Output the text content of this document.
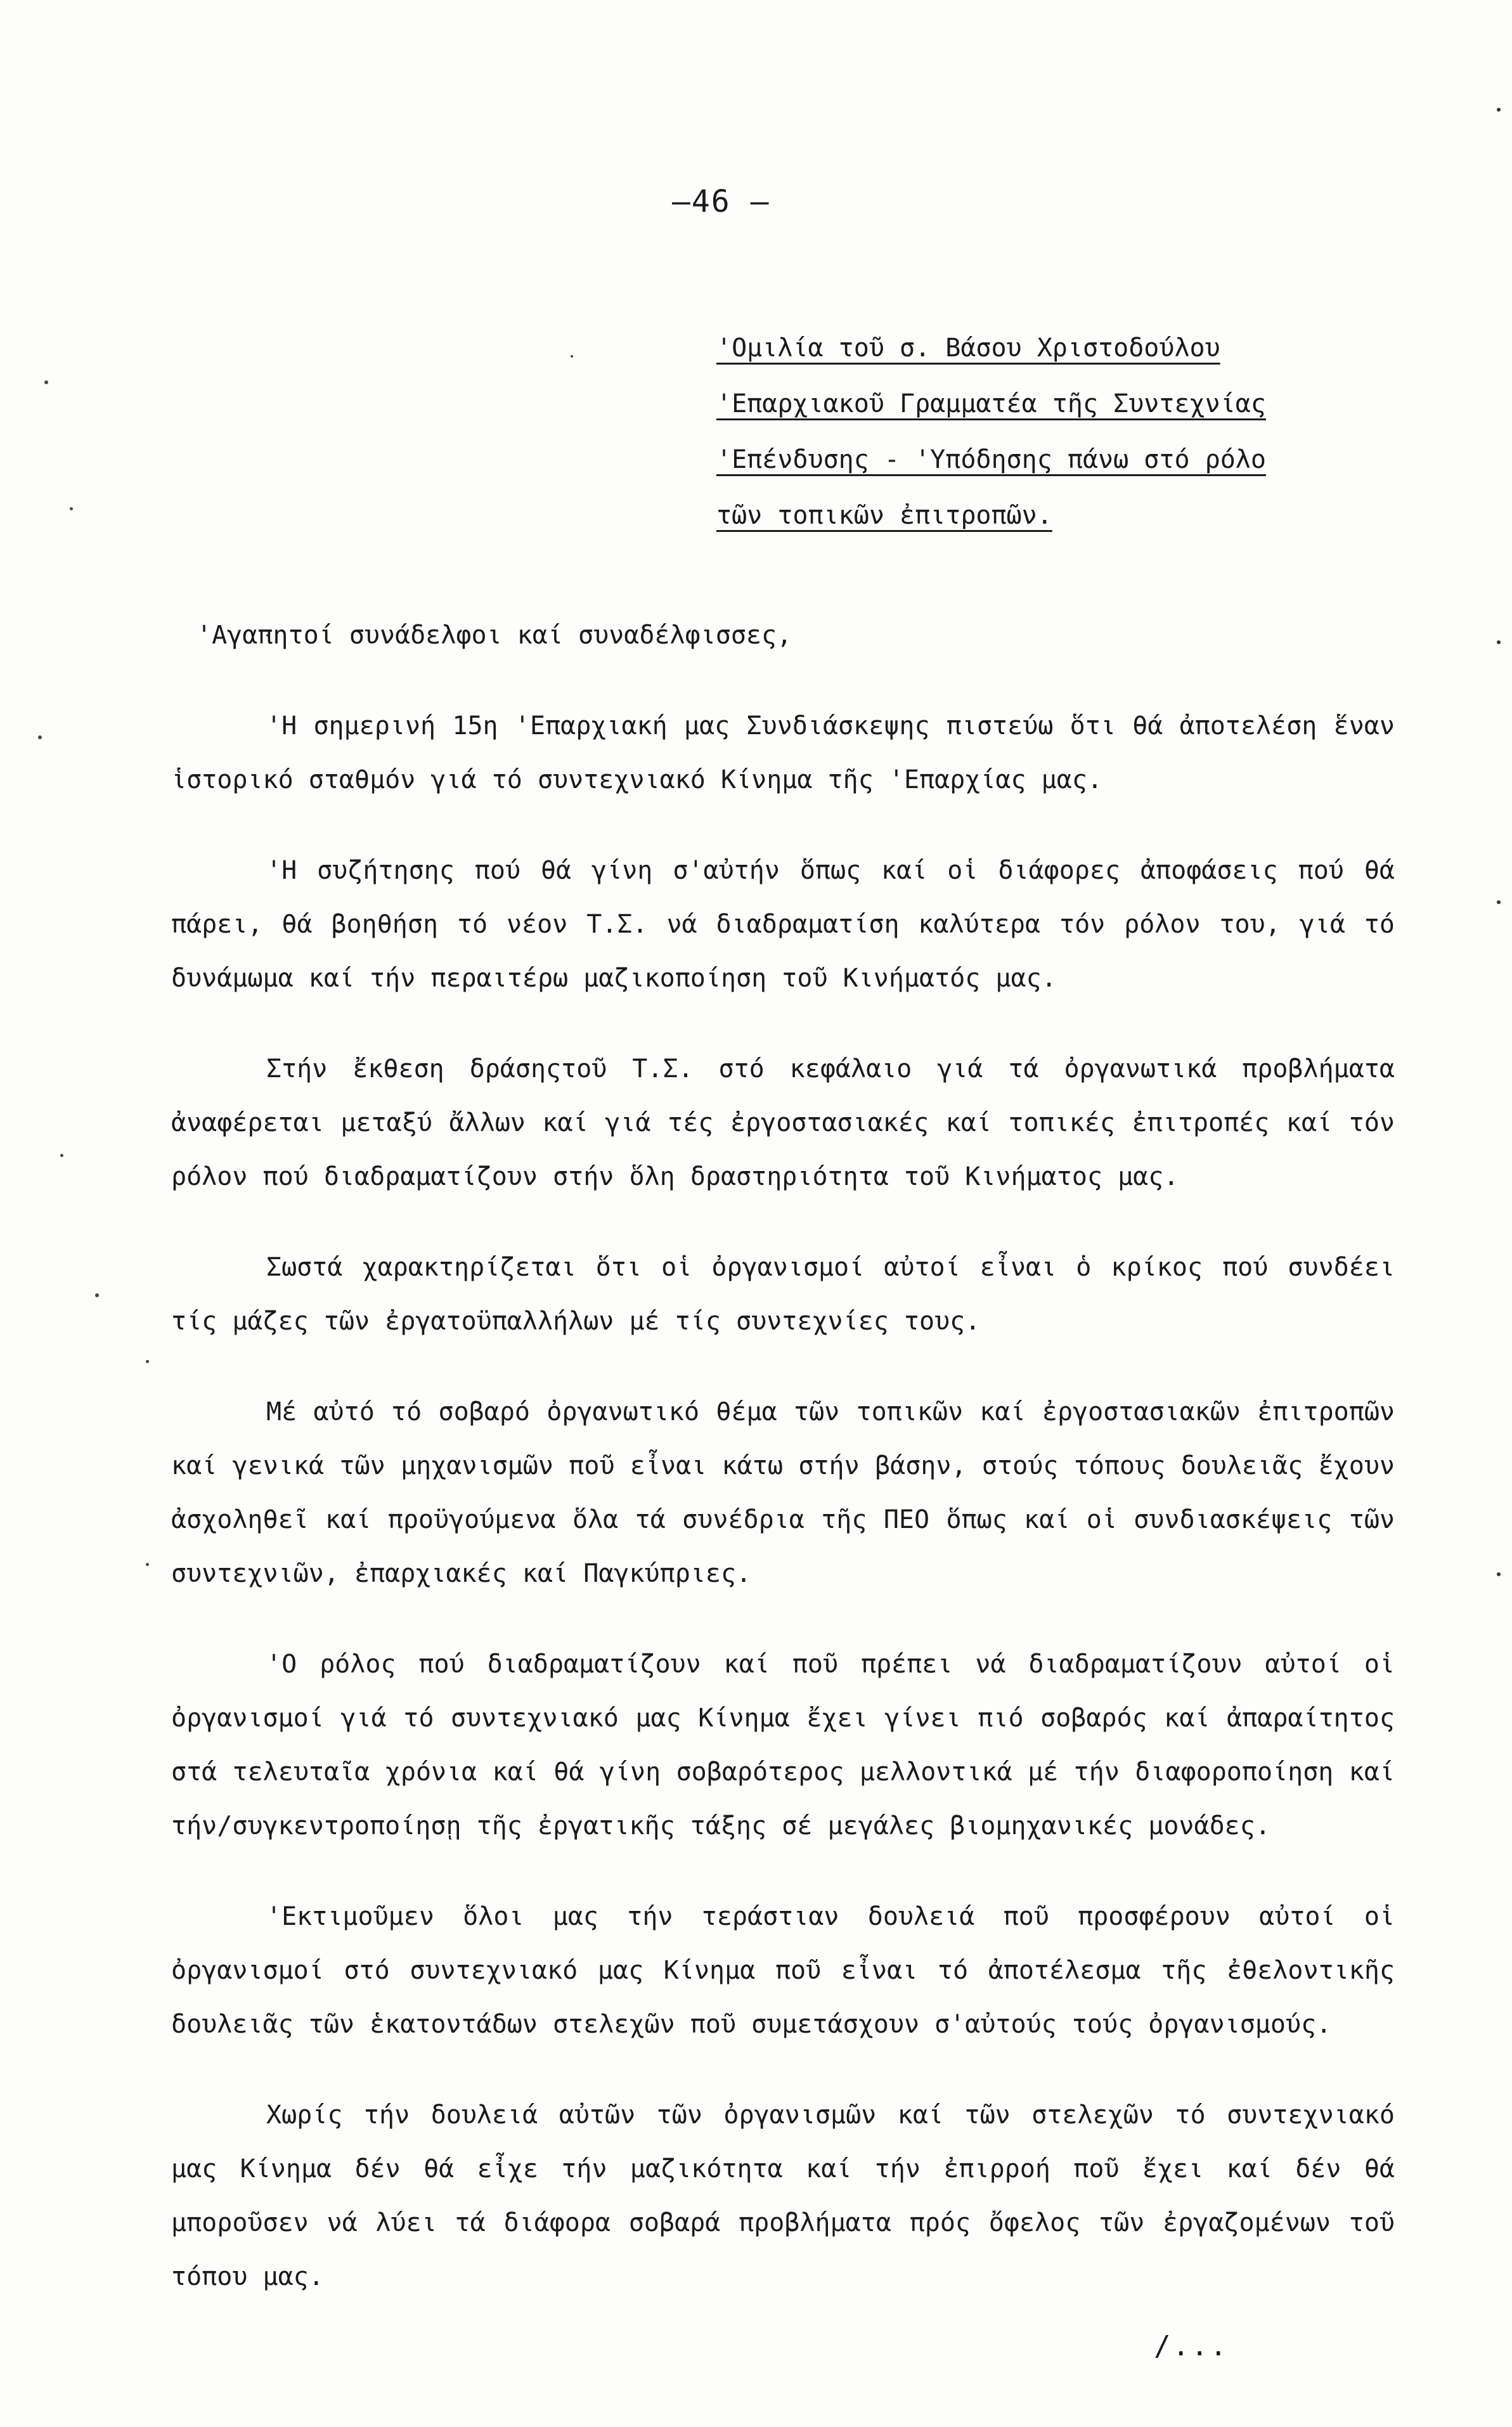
—46 —
'Ομιλία τοῦ σ. Βάσου Χριστοδούλου
'Επαρχιακοῦ Γραμματέα τῆς Συντεχνίας
'Επένδυσης - 'Υπόδησης πάνω στό ρόλο
τῶν τοπικῶν ἐπιτροπῶν.

'Αγαπητοί συνάδελφοι καί συναδέλφισσες,

'Η σημερινή 15η 'Επαρχιακή μας Συνδιάσκεψης πιστεύω ὅτι θά ἀποτελέση ἕναν ἱστορικό σταθμόν γιά τό συντεχνιακό Κίνημα τῆς 'Επαρχίας μας.

'Η συζήτησης πού θά γίνη σ'αὐτήν ὅπως καί οἱ διάφορες ἀποφάσεις πού θά πάρει, θά βοηθήση τό νέον Τ.Σ. νά διαδραματίση καλύτερα τόν ρόλον του, γιά τό δυνάμωμα καί τήν περαιτέρω μαζικοποίηση τοῦ Κινήματός μας.

Στήν ἔκθεση δράσηςτοῦ Τ.Σ. στό κεφάλαιο γιά τά ὀργανωτικά προβλήματα ἀναφέρεται μεταξύ ἄλλων καί γιά τές ἐργοστασιακές καί τοπικές ἐπιτροπές καί τόν ρόλον πού διαδραματίζουν στήν ὅλη δραστηριότητα τοῦ Κινήματος μας.

Σωστά χαρακτηρίζεται ὅτι οἱ ὀργανισμοί αὐτοί εἶναι ὁ κρίκος πού συνδέει τίς μάζες τῶν ἐργατοϋπαλλήλων μέ τίς συντεχνίες τους.

Μέ αὐτό τό σοβαρό ὀργανωτικό θέμα τῶν τοπικῶν καί ἐργοστασιακῶν ἐπιτροπῶν καί γενικά τῶν μηχανισμῶν ποῦ εἶναι κάτω στήν βάσην, στούς τόπους δουλειᾶς ἔχουν ἀσχοληθεῖ καί προϋγούμενα ὅλα τά συνέδρια τῆς ΠΕΟ ὅπως καί οἱ συνδιασκέψεις τῶν συντεχνιῶν, ἐπαρχιακές καί Παγκύπριες.

'Ο ρόλος πού διαδραματίζουν καί ποῦ πρέπει νά διαδραματίζουν αὐτοί οἱ ὀργανισμοί γιά τό συντεχνιακό μας Κίνημα ἔχει γίνει πιό σοβαρός καί ἀπαραίτητος στά τελευταῖα χρόνια καί θά γίνη σοβαρότερος μελλοντικά μέ τήν διαφοροποίηση καί τήν/συγκεντροποίησῃ τῆς ἐργατικῆς τάξης σέ μεγάλες βιομηχανικές μονάδες.

'Εκτιμοῦμεν ὅλοι μας τήν τεράστιαν δουλειά ποῦ προσφέρουν αὐτοί οἱ ὀργανισμοί στό συντεχνιακό μας Κίνημα ποῦ εἶναι τό ἀποτέλεσμα τῆς ἐθελοντικῆς δουλειᾶς τῶν ἑκατοντάδων στελεχῶν ποῦ συμετάσχουν σ'αὐτούς τούς ὀργανισμούς.

Χωρίς τήν δουλειά αὐτῶν τῶν ὀργανισμῶν καί τῶν στελεχῶν τό συντεχνιακό μας Κίνημα δέν θά εἶχε τήν μαζικότητα καί τήν ἐπιρροή ποῦ ἔχει καί δέν θά μποροῦσεν νά λύει τά διάφορα σοβαρά προβλήματα πρός ὄφελος τῶν ἐργαζομένων τοῦ τόπου μας.

/...
